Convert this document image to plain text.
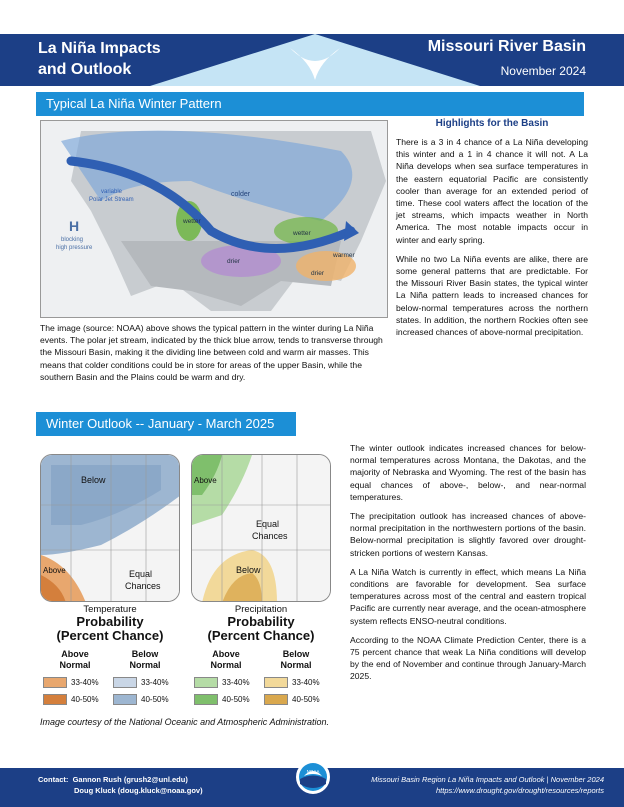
La Niña Impacts
and Outlook
Missouri River Basin
November 2024
Typical La Niña Winter Pattern
variable
Polar Jet Stream
H
blocking
high pressure
colder
wetter
wetter
drier
warmer
drier
The image (source: NOAA) above shows the typical pattern in the winter during La Niña events. The polar jet stream, indicated by the thick blue arrow, tends to transverse through the Missouri Basin, making it the dividing line between cold and warm air masses. This means that colder conditions could be in store for areas of the upper Basin, while the southern Basin and the Plains could be warm and dry.
Highlights for the Basin

There is a 3 in 4 chance of a La Niña developing this winter and a 1 in 4 chance it will not. A La Niña develops when sea surface temperatures in the eastern equatorial Pacific are consistently cooler than average for an extended period of time. These cool waters affect the location of the jet streams, which impacts weather in North America. The most notable impacts occur in winter and early spring.

While no two La Niña events are alike, there are some general patterns that are predictable. For the Missouri River Basin states, the typical winter La Niña pattern leads to increased chances for below-normal temperatures across the northern states. In addition, the northern Rockies often see increased chances of above-normal precipitation.

Winter Outlook -- January - March 2025
Below
Above	Equal
Chances
Above
Equal
Chances
Below
Temperature
Probability
(Percent Chance)
Above
Normal
33-40%
40-50%
Below
Normal
33-40%
40-50%
Precipitation
Probability
(Percent Chance)
Above
Normal
33-40%
40-50%
Below
Normal
33-40%
40-50%
Image courtesy of the National Oceanic and Atmospheric Administration.

The winter outlook indicates increased chances for below-normal temperatures across Montana, the Dakotas, and the majority of Nebraska and Wyoming. The rest of the basin has equal chances of above-, below-, and near-normal temperatures.

The precipitation outlook has increased chances of above-normal precipitation in the northwestern portions of the basin. Below-normal precipitation is slightly favored over drought-stricken portions of western Kansas.

A La Niña Watch is currently in effect, which means La Niña conditions are favorable for development. Sea surface temperatures across most of the central and eastern tropical Pacific are currently near average, and the ocean-atmosphere system reflects ENSO-neutral conditions.

According to the NOAA Climate Prediction Center, there is a 75 percent chance that weak La Niña conditions will develop by the end of November and continue through January-March 2025.

Contact: Gannon Rush (grush2@unl.edu)
Doug Kluck (doug.kluck@noaa.gov)
NOAA
Missouri Basin Region La Niña Impacts and Outlook | November 2024
https://www.drought.gov/drought/resources/reports
